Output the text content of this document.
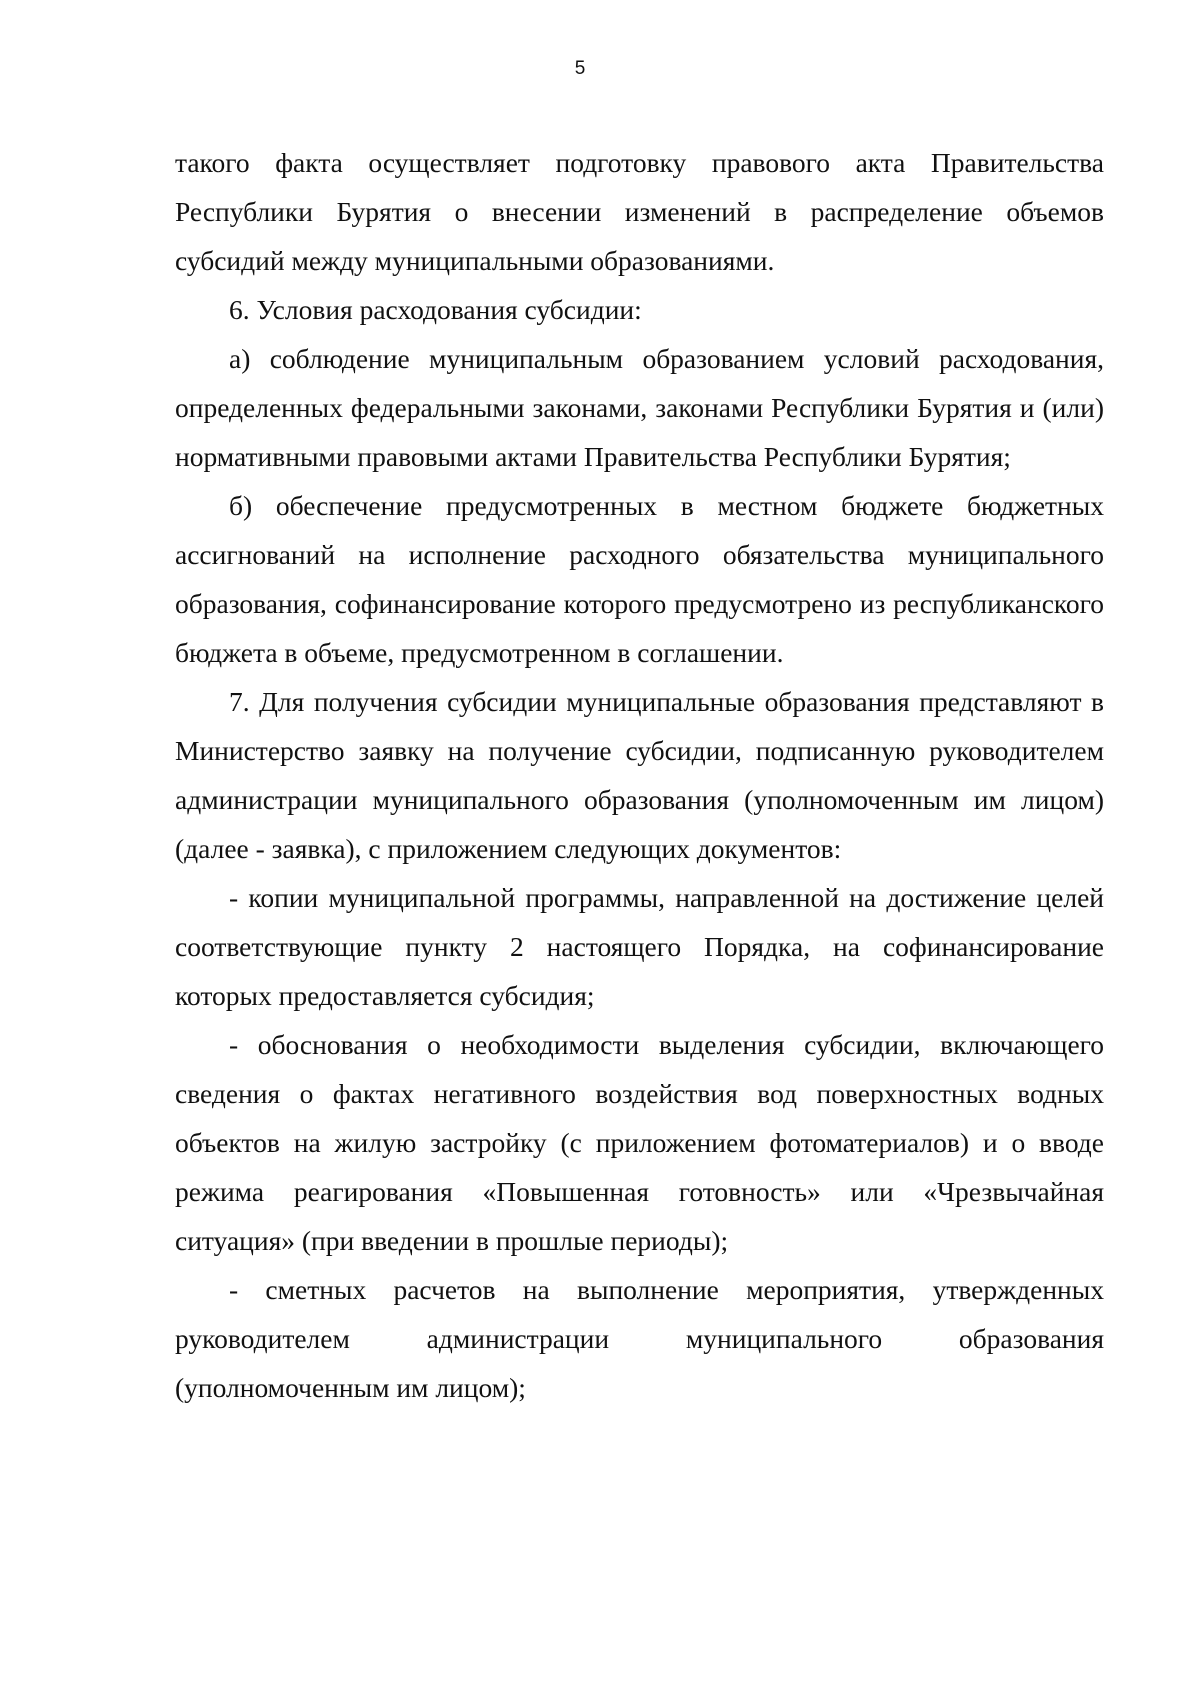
5

такого факта осуществляет подготовку правового акта Правительства Республики Бурятия о внесении изменений в распределение объемов субсидий между муниципальными образованиями.

6. Условия расходования субсидии:

а) соблюдение муниципальным образованием условий расходования, определенных федеральными законами, законами Республики Бурятия и (или) нормативными правовыми актами Правительства Республики Бурятия;

б) обеспечение предусмотренных в местном бюджете бюджетных ассигнований на исполнение расходного обязательства муниципального образования, софинансирование которого предусмотрено из республиканского бюджета в объеме, предусмотренном в соглашении.

7. Для получения субсидии муниципальные образования представляют в Министерство заявку на получение субсидии, подписанную руководителем администрации муниципального образования (уполномоченным им лицом) (далее - заявка), с приложением следующих документов:

- копии муниципальной программы, направленной на достижение целей соответствующие пункту 2 настоящего Порядка, на софинансирование которых предоставляется субсидия;

- обоснования о необходимости выделения субсидии, включающего сведения о фактах негативного воздействия вод поверхностных водных объектов на жилую застройку (с приложением фотоматериалов) и о вводе режима реагирования «Повышенная готовность» или «Чрезвычайная ситуация» (при введении в прошлые периоды);

- сметных расчетов на выполнение мероприятия, утвержденных руководителем администрации муниципального образования (уполномоченным им лицом);
